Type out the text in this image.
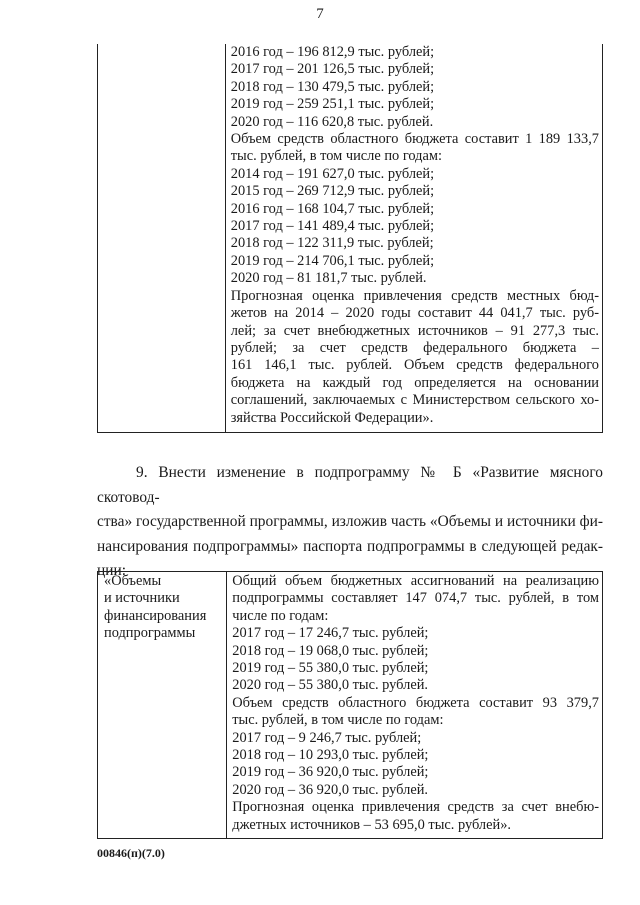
7

2016 год – 196 812,9 тыс. рублей;
2017 год – 201 126,5 тыс. рублей;
2018 год – 130 479,5 тыс. рублей;
2019 год – 259 251,1 тыс. рублей;
2020 год – 116 620,8 тыс. рублей.
Объем средств областного бюджета составит 1 189 133,7
тыс. рублей, в том числе по годам:
2014 год – 191 627,0 тыс. рублей;
2015 год – 269 712,9 тыс. рублей;
2016 год – 168 104,7 тыс. рублей;
2017 год – 141 489,4 тыс. рублей;
2018 год – 122 311,9 тыс. рублей;
2019 год – 214 706,1 тыс. рублей;
2020 год – 81 181,7 тыс. рублей.
Прогнозная оценка привлечения средств местных бюд-
жетов на 2014 – 2020 годы составит 44 041,7 тыс. руб-
лей; за счет внебюджетных источников – 91 277,3 тыс.
рублей; за счет средств федерального бюджета –
161 146,1 тыс. рублей. Объем средств федерального
бюджета на каждый год определяется на основании
соглашений, заключаемых с Министерством сельского хо-
зяйства Российской Федерации».
9. Внести изменение в подпрограмму № Б «Развитие мясного скотовод-
ства» государственной программы, изложив часть «Объемы и источники фи-
нансирования подпрограммы» паспорта подпрограммы в следующей редак-
ции:
«Объемы
и источники
финансирования
подпрограммы

Общий объем бюджетных ассигнований на реализацию
подпрограммы составляет 147 074,7 тыс. рублей, в том
числе по годам:
2017 год – 17 246,7 тыс. рублей;
2018 год – 19 068,0 тыс. рублей;
2019 год – 55 380,0 тыс. рублей;
2020 год – 55 380,0 тыс. рублей.
Объем средств областного бюджета составит 93 379,7
тыс. рублей, в том числе по годам:
2017 год – 9 246,7 тыс. рублей;
2018 год – 10 293,0 тыс. рублей;
2019 год – 36 920,0 тыс. рублей;
2020 год – 36 920,0 тыс. рублей.
Прогнозная оценка привлечения средств за счет внебю-
джетных источников – 53 695,0 тыс. рублей».
00846(п)(7.0)
